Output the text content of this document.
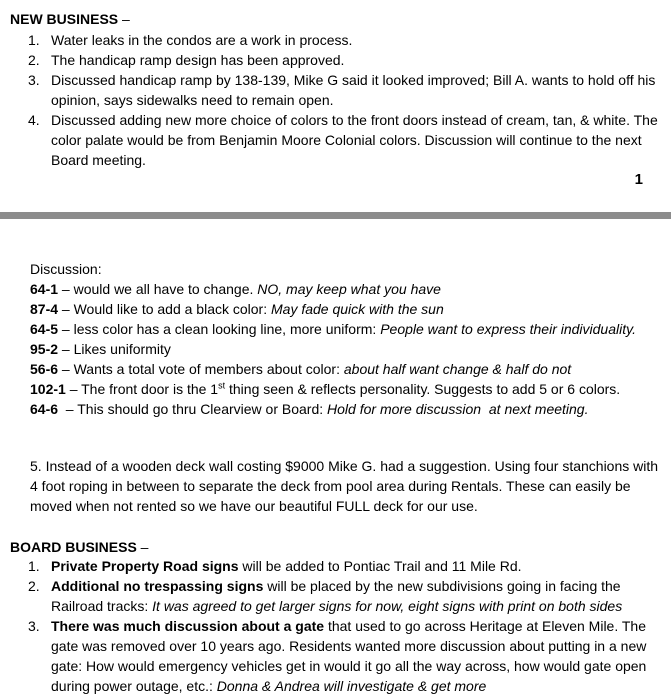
NEW BUSINESS –
1. Water leaks in the condos are a work in process.
2. The handicap ramp design has been approved.
3. Discussed handicap ramp by 138-139, Mike G said it looked improved; Bill A. wants to hold off his opinion, says sidewalks need to remain open.
4. Discussed adding new more choice of colors to the front doors instead of cream, tan, & white. The color palate would be from Benjamin Moore Colonial colors. Discussion will continue to the next Board meeting.
1
Discussion:
64-1 – would we all have to change. NO, may keep what you have
87-4 – Would like to add a black color: May fade quick with the sun
64-5 – less color has a clean looking line, more uniform: People want to express their individuality.
95-2 – Likes uniformity
56-6 – Wants a total vote of members about color: about half want change & half do not
102-1 – The front door is the 1st thing seen & reflects personality. Suggests to add 5 or 6 colors.
64-6  – This should go thru Clearview or Board: Hold for more discussion  at next meeting.
5. Instead of a wooden deck wall costing $9000 Mike G. had a suggestion. Using four stanchions with 4 foot roping in between to separate the deck from pool area during Rentals. These can easily be moved when not rented so we have our beautiful FULL deck for our use.
BOARD BUSINESS –
1. Private Property Road signs will be added to Pontiac Trail and 11 Mile Rd.
2. Additional no trespassing signs will be placed by the new subdivisions going in facing the Railroad tracks: It was agreed to get larger signs for now, eight signs with print on both sides
3. There was much discussion about a gate that used to go across Heritage at Eleven Mile. The gate was removed over 10 years ago. Residents wanted more discussion about putting in a new gate: How would emergency vehicles get in would it go all the way across, how would gate open during power outage, etc.: Donna & Andrea will investigate & get more
